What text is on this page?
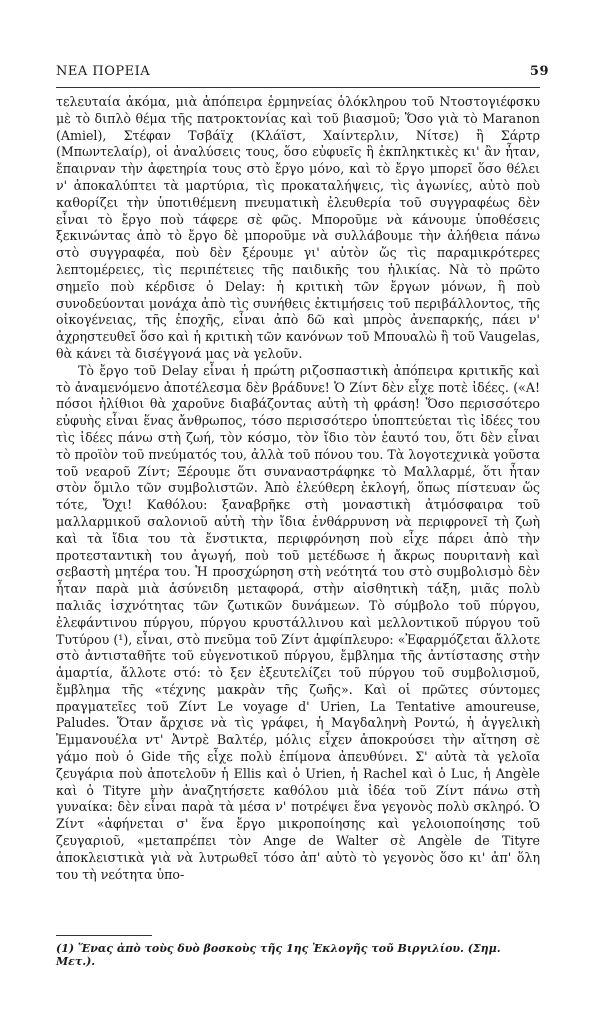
ΝΕΑ ΠΟΡΕΙΑ	59

τελευταία ἀκόμα, μιὰ ἀπόπειρα ἑρμηνείας ὁλόκληρου τοῦ Ντοστογιέφσκυ μὲ τὸ διπλὸ θέμα τῆς πατροκτονίας καὶ τοῦ βιασμοῦ; Ὅσο γιὰ τὸ Maranon (Amiel), Στέφαν Τσβάϊχ (Κλάϊστ, Χαίντερλιν, Νίτσε) ἢ Σάρτρ (Μπωντελαίρ), οἱ ἀναλύσεις τους, ὅσο εὐφυεῖς ἢ ἐκπληκτικὲς κι' ἂν ἦταν, ἔπαιρναν τὴν ἀφετηρία τους στὸ ἔργο μόνο, καὶ τὸ ἔργο μπορεῖ ὅσο θέλει ν' ἀποκαλύπτει τὰ μαρτύρια, τὶς προκαταλήψεις, τὶς ἀγωνίες, αὐτὸ ποὺ καθορίζει τὴν ὑποτιθέμενη πνευματικὴ ἐλευθερία τοῦ συγγραφέως δὲν εἶναι τὸ ἔργο ποὺ τάφερε σὲ φῶς. Μποροῦμε νὰ κάνουμε ὑποθέσεις ξεκινώντας ἀπὸ τὸ ἔργο δὲ μποροῦμε νὰ συλλάβουμε τὴν ἀλήθεια πάνω στὸ συγγραφέα, ποὺ δὲν ξέρουμε γι' αὐτὸν ὥς τὶς παραμικρότερες λεπτομέρειες, τὶς περιπέτειες τῆς παιδικῆς του ἡλικίας. Νὰ τὸ πρῶτο σημεῖο ποὺ κέρδισε ὁ Delay: ἡ κριτικὴ τῶν ἔργων μόνων, ἢ ποὺ συνοδεύονται μονάχα ἀπὸ τὶς συνήθεις ἐκτιμήσεις τοῦ περιβάλλοντος, τῆς οἰκογένειας, τῆς ἐποχῆς, εἶναι ἀπὸ δῶ καὶ μπρὸς ἀνεπαρκής, πάει ν' ἀχρηστευθεῖ ὅσο καὶ ἡ κριτικὴ τῶν κανόνων τοῦ Μπουαλὼ ἢ τοῦ Vaugelas, θὰ κάνει τὰ δισέγγονά μας νὰ γελοῦν.

Τὸ ἔργο τοῦ Delay εἶναι ἡ πρώτη ριζοσπαστικὴ ἀπόπειρα κριτικῆς καὶ τὸ ἀναμενόμενο ἀποτέλεσμα δὲν βράδυνε! Ὁ Ζίντ δὲν εἶχε ποτὲ ἰδέες. («Α! πόσοι ἠλίθιοι θὰ χαροῦνε διαβάζοντας αὐτὴ τὴ φράση! Ὅσο περισσότερο εὐφυὴς εἶναι ἕνας ἄνθρωπος, τόσο περισσότερο ὑποπτεύεται τὶς ἰδέες του τὶς ἰδέες πάνω στὴ ζωή, τὸν κόσμο, τὸν ἴδιο τὸν ἑαυτό του, ὅτι δὲν εἶναι τὸ προϊὸν τοῦ πνεύματός του, ἀλλὰ τοῦ πόνου του. Τὰ λογοτεχνικὰ γοῦστα τοῦ νεαροῦ Ζίντ; Ξέρουμε ὅτι συναναστράφηκε τὸ Μαλλαρμέ, ὅτι ἦταν στὸν ὅμιλο τῶν συμβολιστῶν. Ἀπὸ ἐλεύθερη ἐκλογή, ὅπως πίστευαν ὥς τότε, Ὄχι! Καθόλου: ξαναβρῆκε στὴ μοναστικὴ ἀτμόσφαιρα τοῦ μαλλαρμικοῦ σαλονιοῦ αὐτὴ τὴν ἴδια ἐνθάρρυνση νὰ περιφρονεῖ τὴ ζωὴ καὶ τὰ ἴδια του τὰ ἔνστικτα, περιφρόνηση ποὺ εἶχε πάρει ἀπὸ τὴν προτεσταντικὴ του ἀγωγή, ποὺ τοῦ μετέδωσε ἡ ἄκρως πουριτανὴ καὶ σεβαστὴ μητέρα του. Ἡ προσχώρηση στὴ νεότητά του στὸ συμβολισμὸ δὲν ἦταν παρὰ μιὰ ἀσύνειδη μεταφορά, στὴν αἰσθητικὴ τάξη, μιᾶς πολὺ παλιᾶς ἰσχνότητας τῶν ζωτικῶν δυνάμεων. Τὸ σύμβολο τοῦ πύργου, ἐλεφάντινου πύργου, πύργου κρυστάλλινου καὶ μελλοντικοῦ πύργου τοῦ Τυτύρου (¹), εἶναι, στὸ πνεῦμα τοῦ Ζίντ ἀμφίπλευρο: «Ἐφαρμόζεται ἄλλοτε στὸ ἀντισταθῆτε τοῦ εὐγενοτικοῦ πύργου, ἔμβλημα τῆς ἀντίστασης στὴν ἁμαρτία, ἄλλοτε στό: τὸ ξεν ἐξευτελίζει τοῦ πύργου τοῦ συμβολισμοῦ, ἔμβλημα τῆς «τέχνης μακρὰν τῆς ζωῆς». Καὶ οἱ πρῶτες σύντομες πραγματεῖες τοῦ Ζίντ Le voyage d' Urien, La Tentative amoureuse, Paludes. Ὅταν ἄρχισε νὰ τὶς γράφει, ἡ Μαγδαληνὴ Ροντώ, ἡ ἀγγελικὴ Ἐμμανουέλα ντ' Ἀντρὲ Βαλτέρ, μόλις εἶχεν ἀποκρούσει τὴν αἴτηση σὲ γάμο ποὺ ὁ Gide τῆς εἶχε πολὺ ἐπίμονα ἀπευθύνει. Σ' αὐτὰ τὰ γελοῖα ζευγάρια ποὺ ἀποτελοῦν ἡ Ellis καὶ ὁ Urien, ἡ Rachel καὶ ὁ Luc, ἡ Angèle καὶ ὁ Tityre μὴν ἀναζητήσετε καθόλου μιὰ ἰδέα τοῦ Ζίντ πάνω στὴ γυναίκα: δὲν εἶναι παρὰ τὰ μέσα ν' ποτρέψει ἕνα γεγονὸς πολὺ σκληρό. Ὁ Ζίντ «ἀφήνεται σ' ἕνα ἔργο μικροποίησης καὶ γελοιοποίησης τοῦ ζευγαριοῦ, «μεταπρέπει τὸν Ange de Walter σὲ Angèle de Tityre ἀποκλειστικὰ γιὰ νὰ λυτρωθεῖ τόσο ἀπ' αὐτὸ τὸ γεγονὸς ὅσο κι' ἀπ' ὅλη του τὴ νεότητα ὑπο-

(1) Ἕνας ἀπὸ τοὺς δυὸ βοσκοὺς τῆς 1ης Ἐκλογῆς τοῦ Βιργιλίου. (Σημ. Μετ.).
